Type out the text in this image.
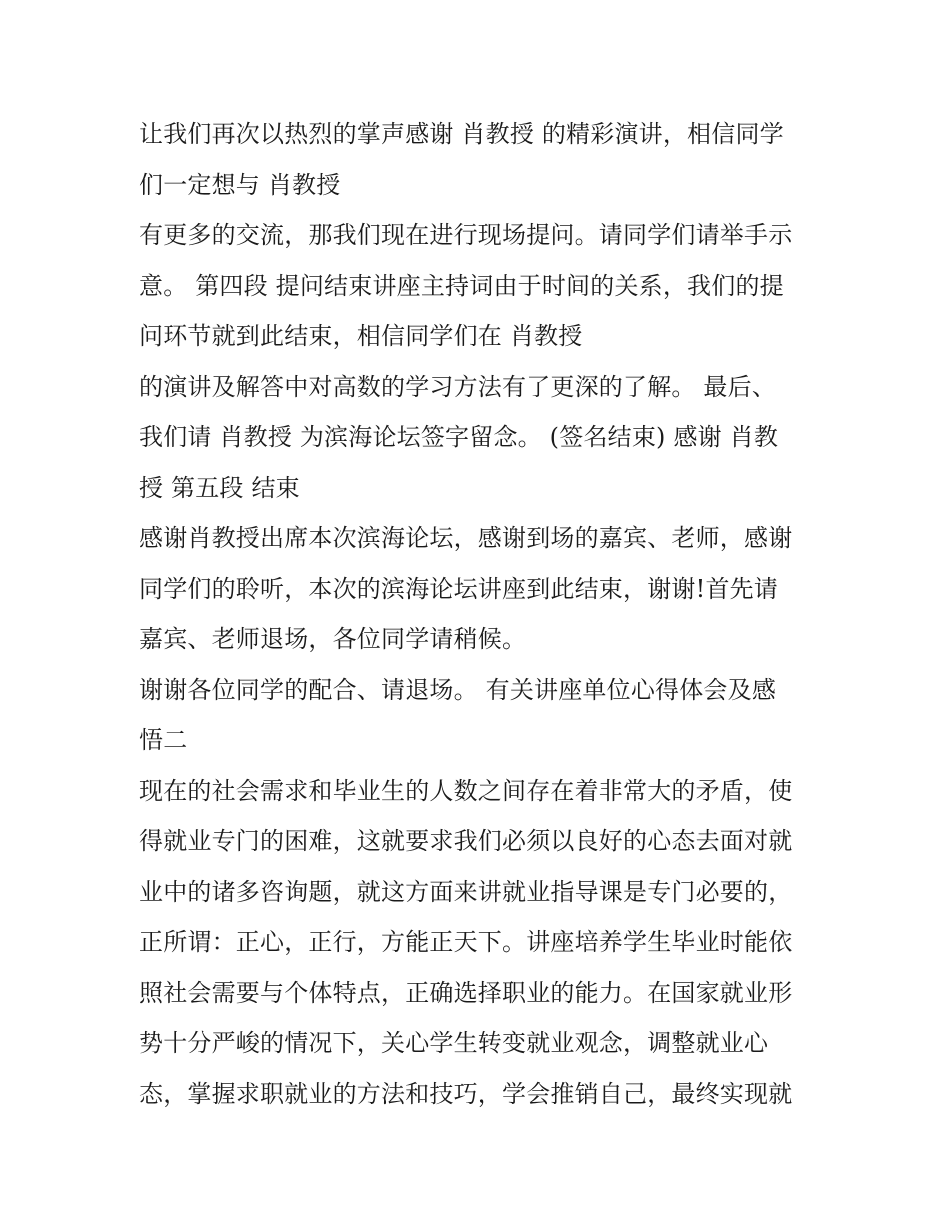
让我们再次以热烈的掌声感谢 肖教授 的精彩演讲，相信同学
们一定想与 肖教授
有更多的交流，那我们现在进行现场提问。请同学们请举手示
意。 第四段 提问结束讲座主持词由于时间的关系，我们的提
问环节就到此结束，相信同学们在 肖教授
的演讲及解答中对高数的学习方法有了更深的了解。 最后、
我们请 肖教授 为滨海论坛签字留念。 (签名结束) 感谢 肖教
授 第五段 结束
感谢肖教授出席本次滨海论坛，感谢到场的嘉宾、老师，感谢
同学们的聆听，本次的滨海论坛讲座到此结束，谢谢!首先请
嘉宾、老师退场，各位同学请稍候。
谢谢各位同学的配合、请退场。 有关讲座单位心得体会及感
悟二
现在的社会需求和毕业生的人数之间存在着非常大的矛盾，使
得就业专门的困难，这就要求我们必须以良好的心态去面对就
业中的诸多咨询题，就这方面来讲就业指导课是专门必要的，
正所谓：正心，正行，方能正天下。讲座培养学生毕业时能依
照社会需要与个体特点，正确选择职业的能力。在国家就业形
势十分严峻的情况下，关心学生转变就业观念，调整就业心
态，掌握求职就业的方法和技巧，学会推销自己，最终实现就
